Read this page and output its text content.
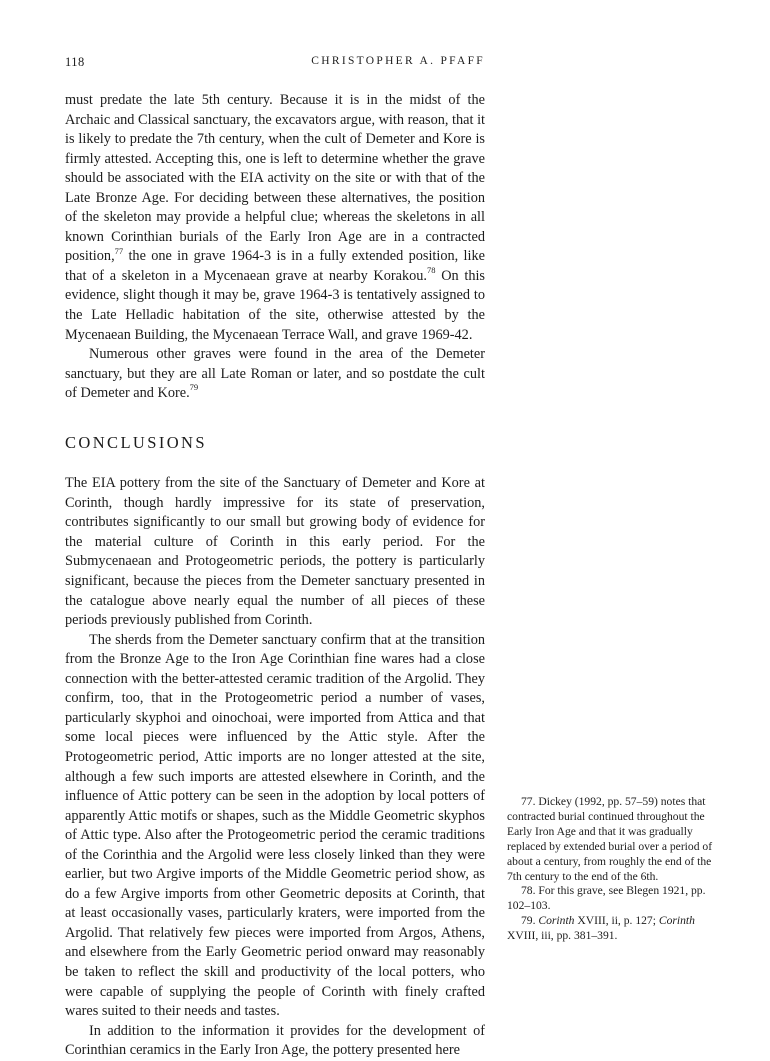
118	CHRISTOPHER A. PFAFF

must predate the late 5th century. Because it is in the midst of the Archaic and Classical sanctuary, the excavators argue, with reason, that it is likely to predate the 7th century, when the cult of Demeter and Kore is firmly attested. Accepting this, one is left to determine whether the grave should be associated with the EIA activity on the site or with that of the Late Bronze Age. For deciding between these alternatives, the position of the skeleton may provide a helpful clue; whereas the skeletons in all known Corinthian burials of the Early Iron Age are in a contracted position,$^{77}$ the one in grave 1964-3 is in a fully extended position, like that of a skeleton in a Mycenaean grave at nearby Korakou.$^{78}$ On this evidence, slight though it may be, grave 1964-3 is tentatively assigned to the Late Helladic habitation of the site, otherwise attested by the Mycenaean Building, the Mycenaean Terrace Wall, and grave 1969-42.

Numerous other graves were found in the area of the Demeter sanctuary, but they are all Late Roman or later, and so postdate the cult of Demeter and Kore.$^{79}$

CONCLUSIONS

The EIA pottery from the site of the Sanctuary of Demeter and Kore at Corinth, though hardly impressive for its state of preservation, contributes significantly to our small but growing body of evidence for the material culture of Corinth in this early period. For the Submycenaean and Protogeometric periods, the pottery is particularly significant, because the pieces from the Demeter sanctuary presented in the catalogue above nearly equal the number of all pieces of these periods previously published from Corinth.

The sherds from the Demeter sanctuary confirm that at the transition from the Bronze Age to the Iron Age Corinthian fine wares had a close connection with the better-attested ceramic tradition of the Argolid. They confirm, too, that in the Protogeometric period a number of vases, particularly skyphoi and oinochoai, were imported from Attica and that some local pieces were influenced by the Attic style. After the Protogeometric period, Attic imports are no longer attested at the site, although a few such imports are attested elsewhere in Corinth, and the influence of Attic pottery can be seen in the adoption by local potters of apparently Attic motifs or shapes, such as the Middle Geometric skyphos of Attic type. Also after the Protogeometric period the ceramic traditions of the Corinthia and the Argolid were less closely linked than they were earlier, but two Argive imports of the Middle Geometric period show, as do a few Argive imports from other Geometric deposits at Corinth, that at least occasionally vases, particularly kraters, were imported from the Argolid. That relatively few pieces were imported from Argos, Athens, and elsewhere from the Early Geometric period onward may reasonably be taken to reflect the skill and productivity of the local potters, who were capable of supplying the people of Corinth with finely crafted wares suited to their needs and tastes.

In addition to the information it provides for the development of Corinthian ceramics in the Early Iron Age, the pottery presented here

77. Dickey (1992, pp. 57–59) notes that contracted burial continued throughout the Early Iron Age and that it was gradually replaced by extended burial over a period of about a century, from roughly the end of the 7th century to the end of the 6th.

78. For this grave, see Blegen 1921, pp. 102–103.

79. Corinth XVIII, ii, p. 127; Corinth XVIII, iii, pp. 381–391.
